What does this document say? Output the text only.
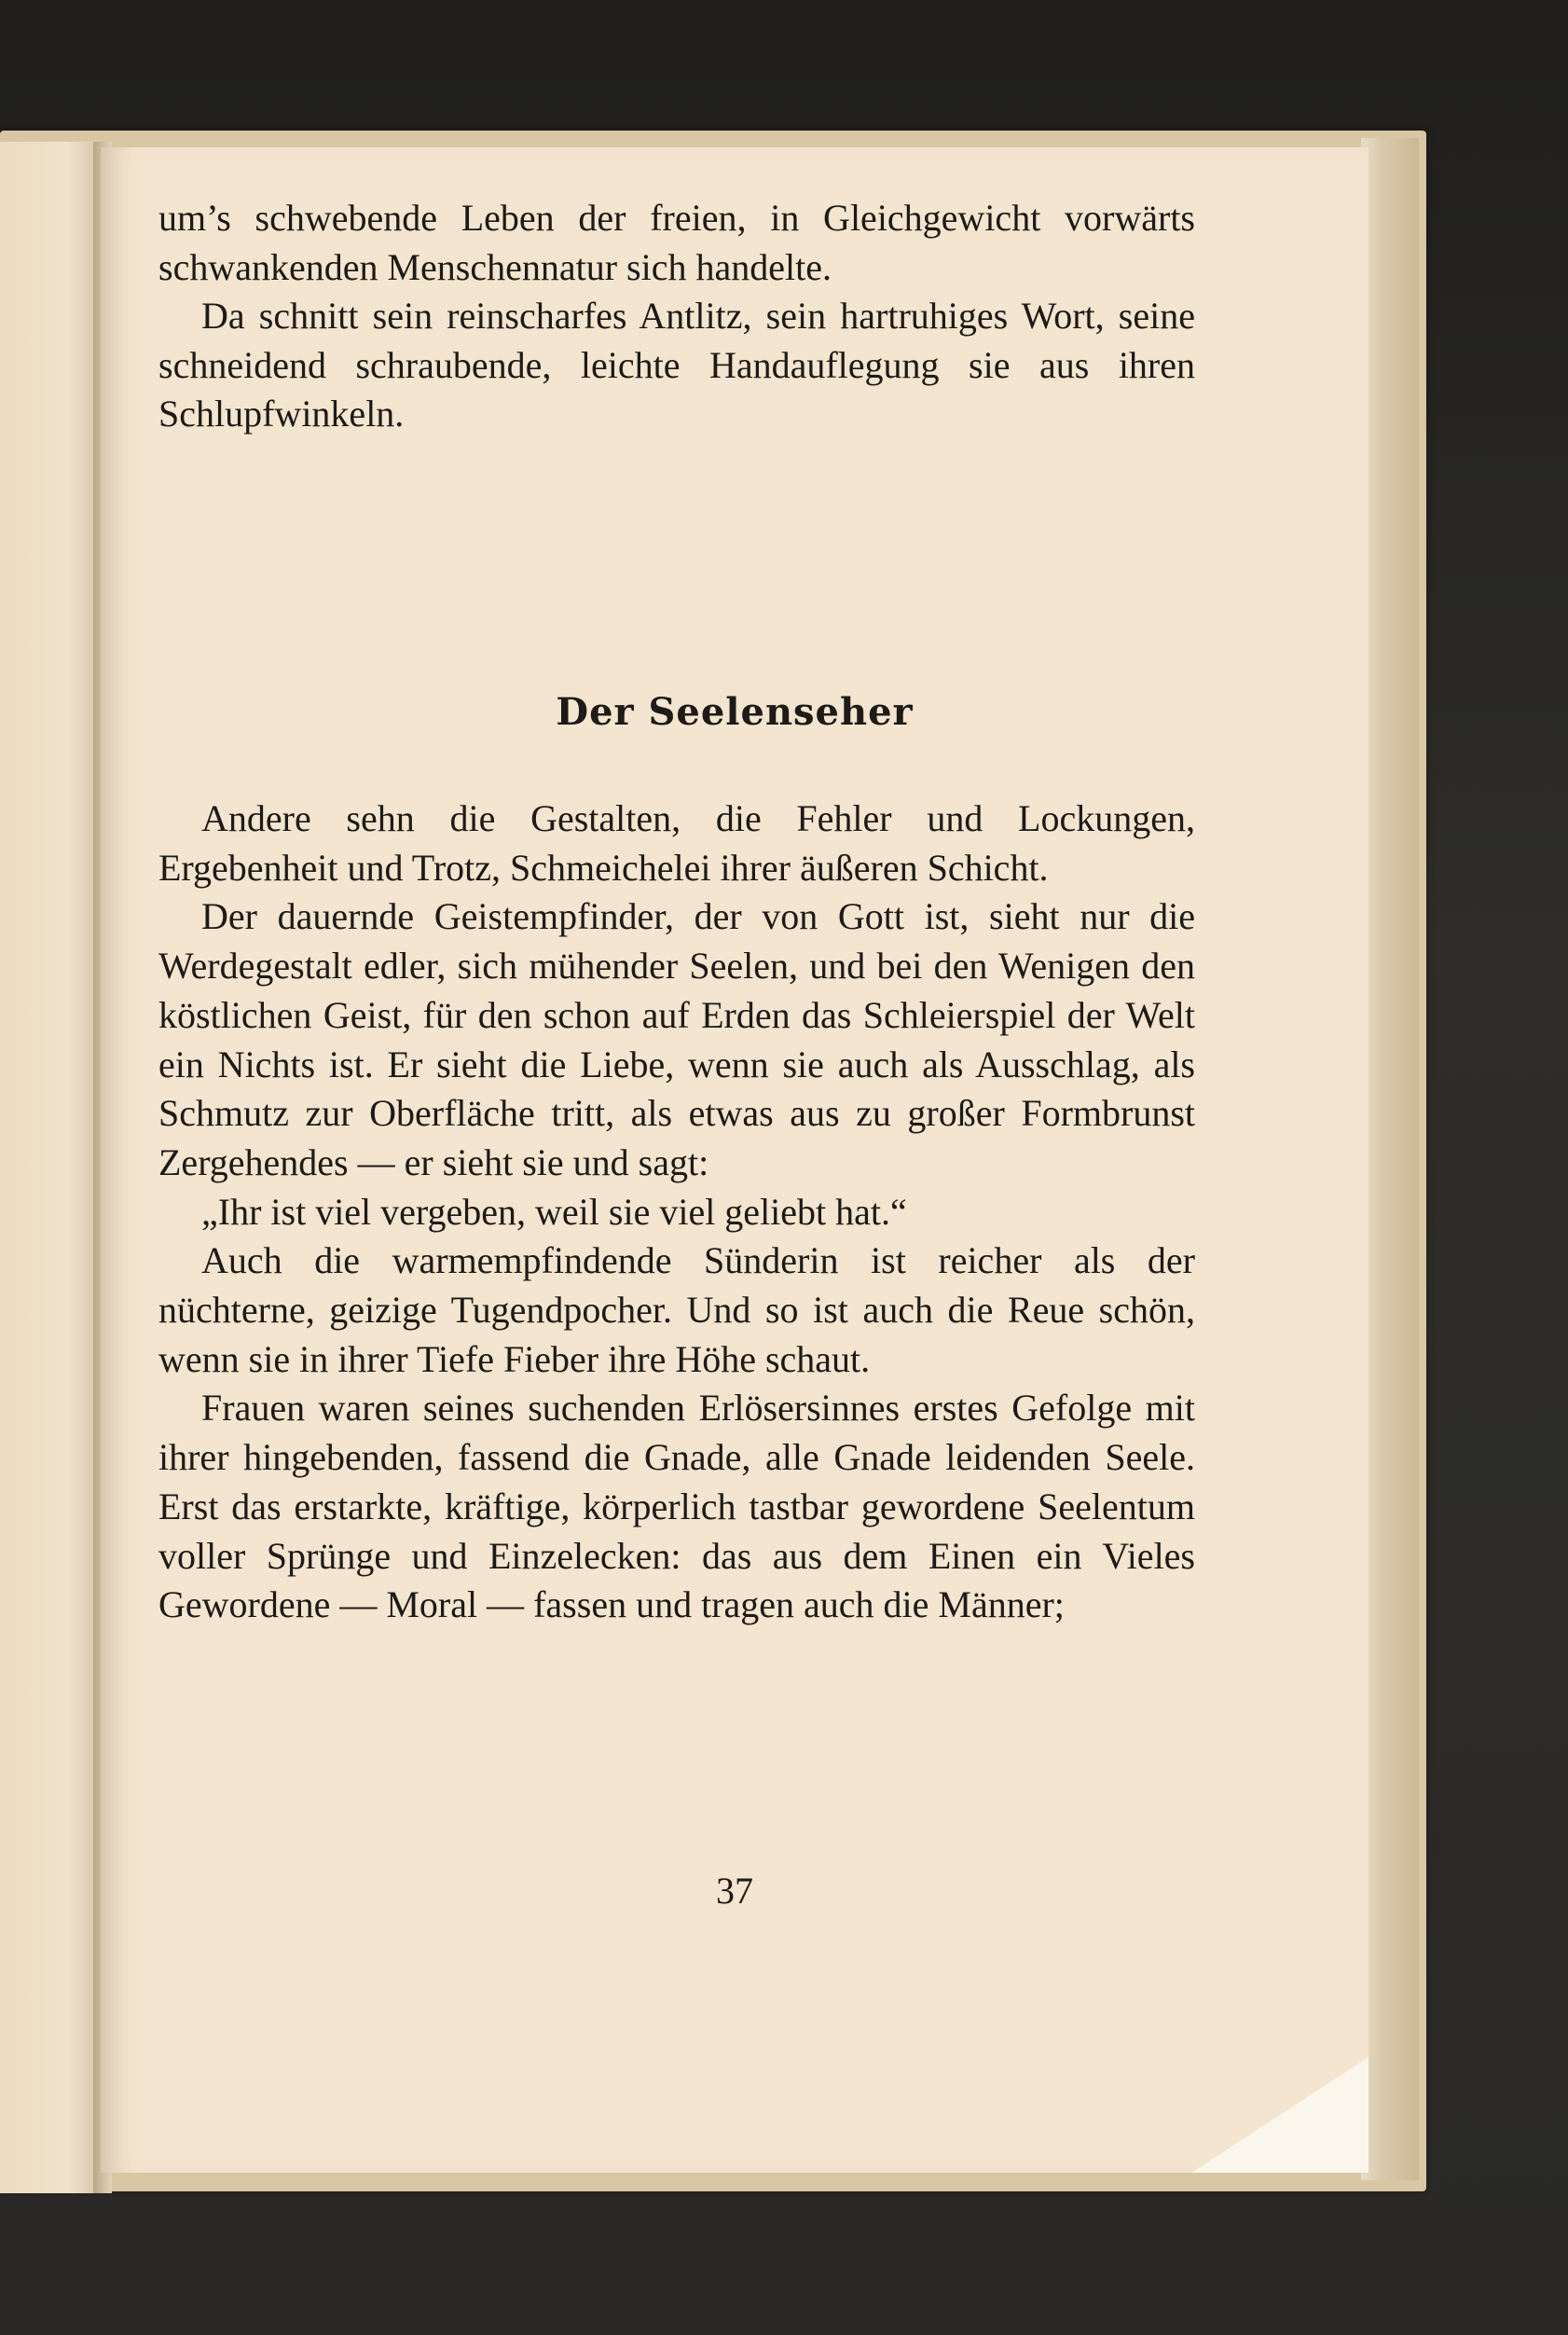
um’s schwebende Leben der freien, in Gleichgewicht vorwärts schwankenden Menschennatur sich handelte.

Da schnitt sein reinscharfes Antlitz, sein hartruhiges Wort, seine schneidend schraubende, leichte Handauflegung sie aus ihren Schlupfwinkeln.

Der Seelenseher

Andere sehn die Gestalten, die Fehler und Lockungen, Ergebenheit und Trotz, Schmeichelei ihrer äußeren Schicht.

Der dauernde Geistempfinder, der von Gott ist, sieht nur die Werdegestalt edler, sich mühender Seelen, und bei den Wenigen den köstlichen Geist, für den schon auf Erden das Schleierspiel der Welt ein Nichts ist. Er sieht die Liebe, wenn sie auch als Ausschlag, als Schmutz zur Oberfläche tritt, als etwas aus zu großer Formbrunst Zergehendes — er sieht sie und sagt:

„Ihr ist viel vergeben, weil sie viel geliebt hat.“

Auch die warmempfindende Sünderin ist reicher als der nüchterne, geizige Tugendpocher. Und so ist auch die Reue schön, wenn sie in ihrer Tiefe Fieber ihre Höhe schaut.

Frauen waren seines suchenden Erlösersinnes erstes Gefolge mit ihrer hingebenden, fassend die Gnade, alle Gnade leidenden Seele. Erst das erstarkte, kräftige, körperlich tastbar gewordene Seelentum voller Sprünge und Einzelecken: das aus dem Einen ein Vieles Gewordene — Moral — fassen und tragen auch die Männer;

37
